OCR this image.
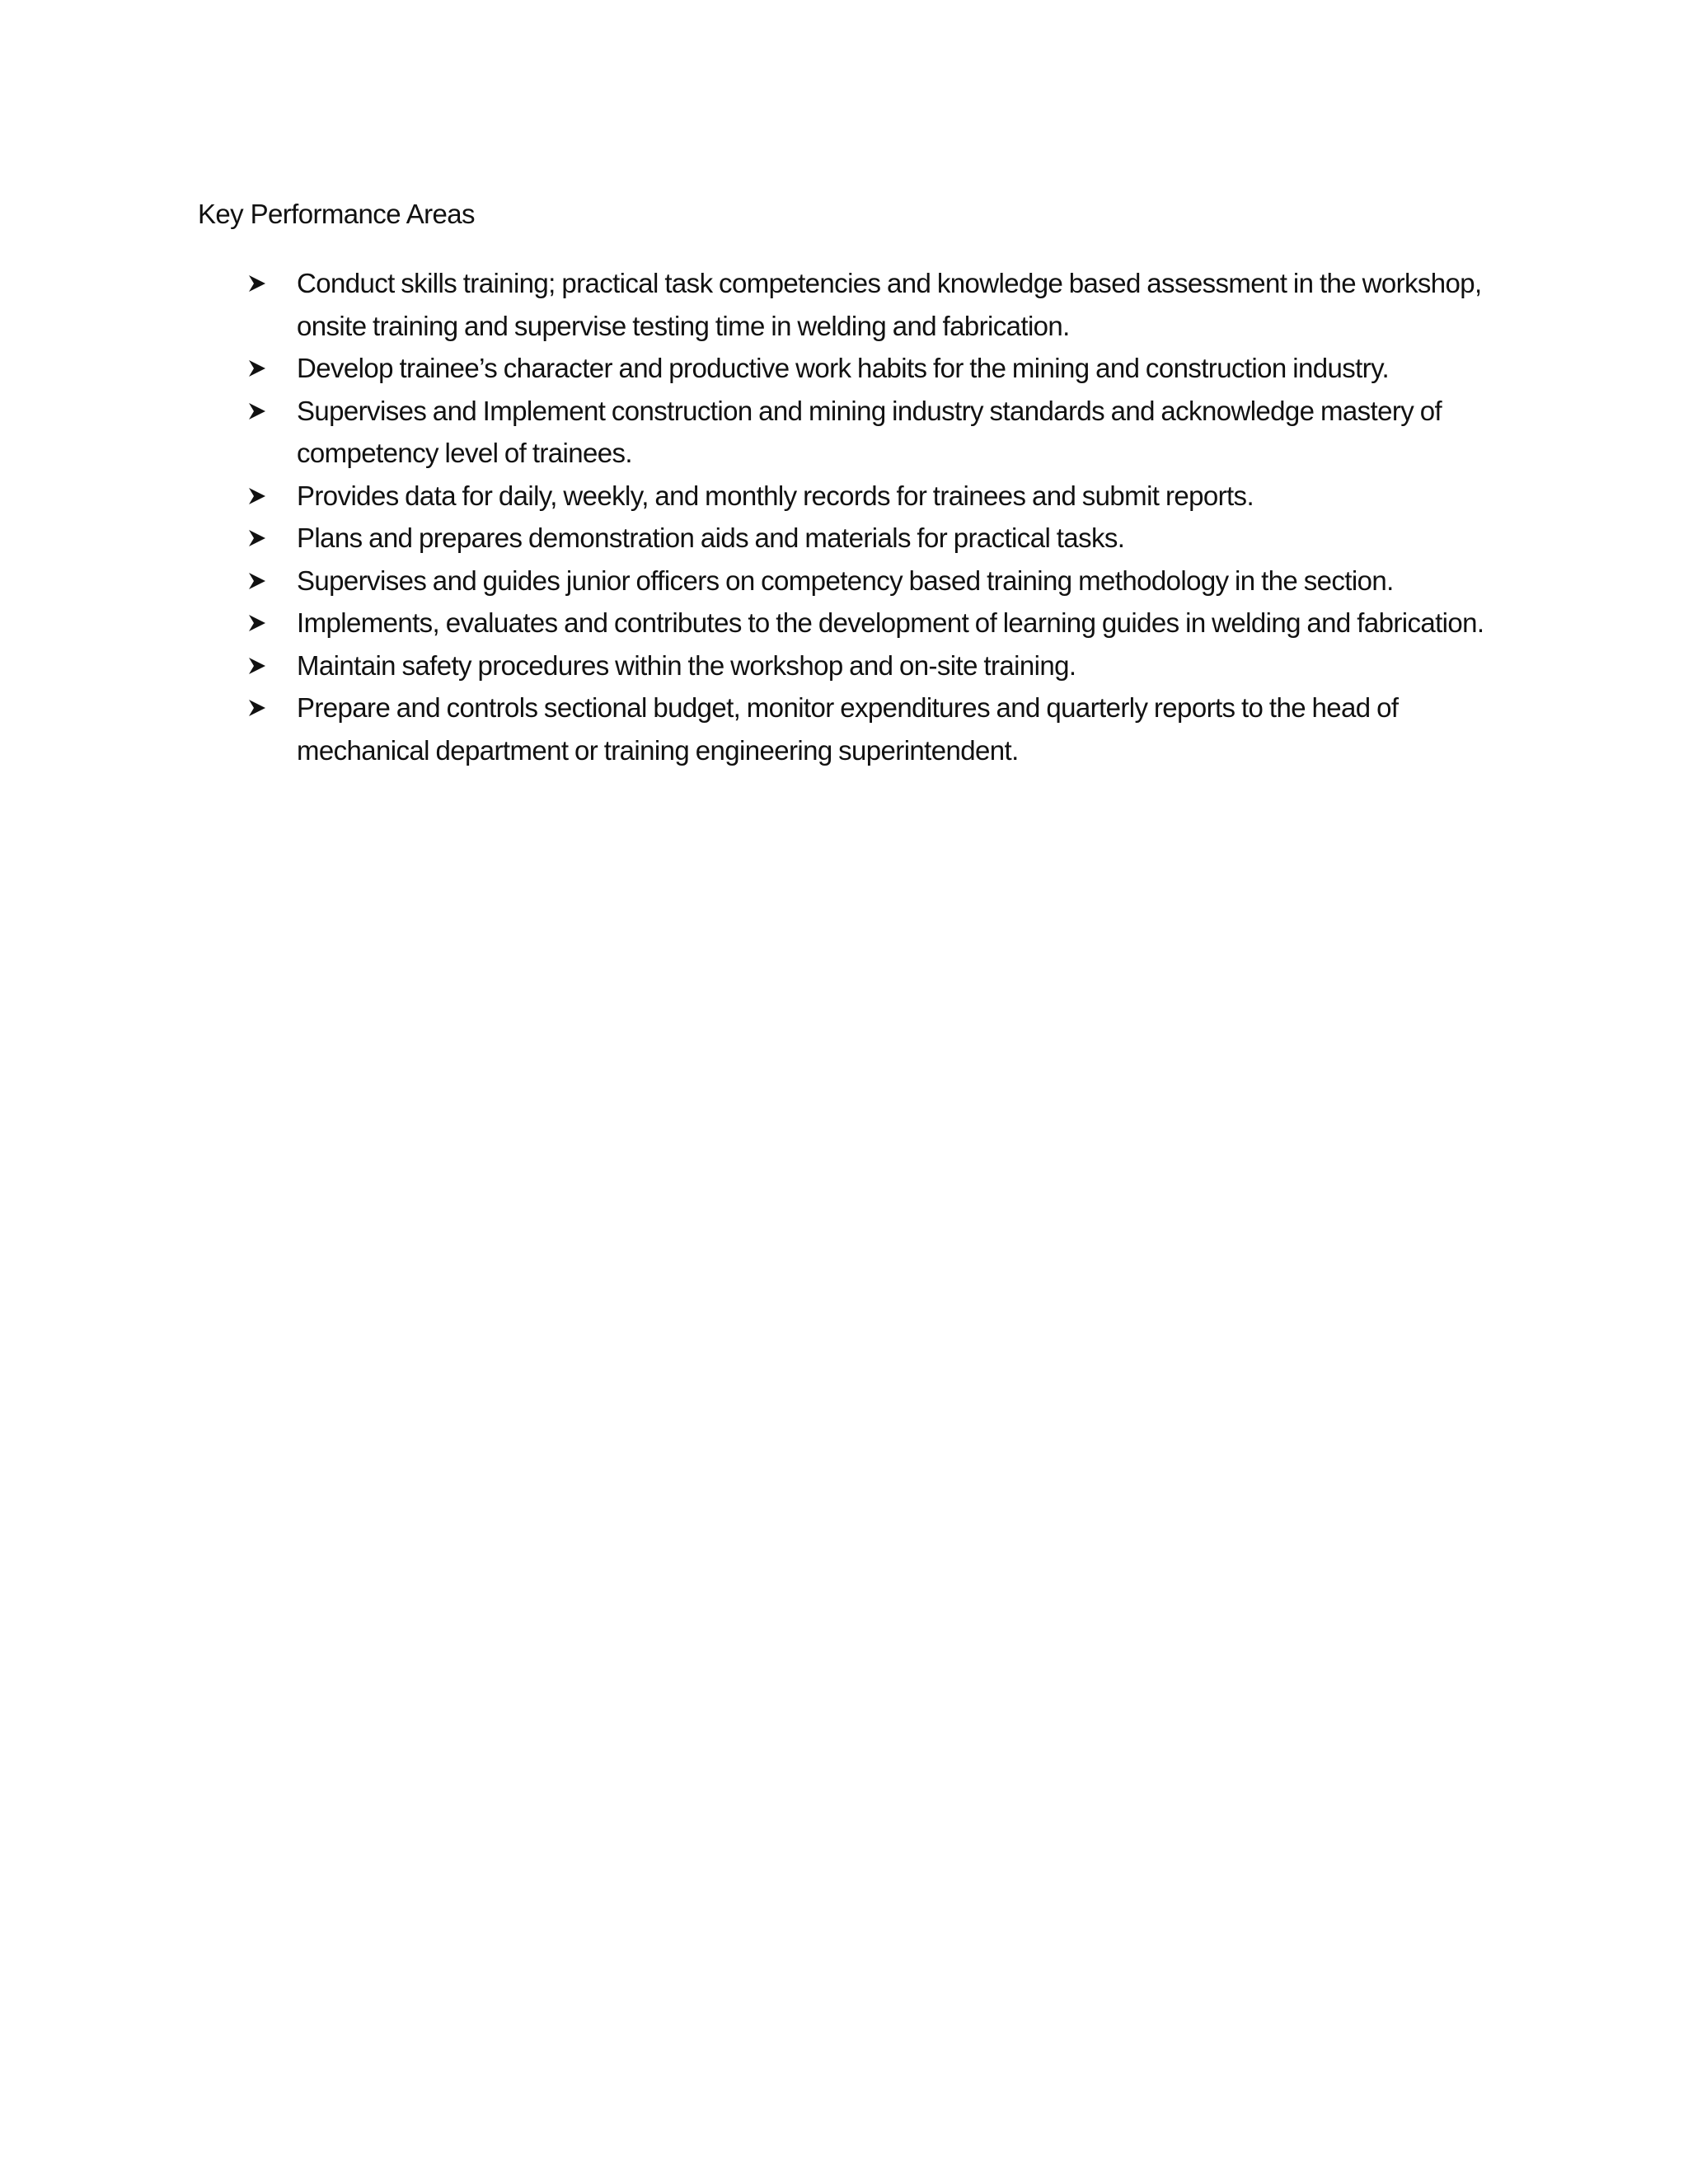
Key Performance Areas
Conduct skills training; practical task competencies and knowledge based assessment in the workshop, onsite training and supervise testing time in welding and fabrication.
Develop trainee’s character and productive work habits for the mining and construction industry.
Supervises and Implement construction and mining industry standards and acknowledge mastery of competency level of trainees.
Provides data for daily, weekly, and monthly records for trainees and submit reports.
Plans and prepares demonstration aids and materials for practical tasks.
Supervises and guides junior officers on competency based training methodology in the section.
Implements, evaluates and contributes to the development of learning guides in welding and fabrication.
Maintain safety procedures within the workshop and on-site training.
Prepare and controls sectional budget, monitor expenditures and quarterly reports to the head of mechanical department or training engineering superintendent.
